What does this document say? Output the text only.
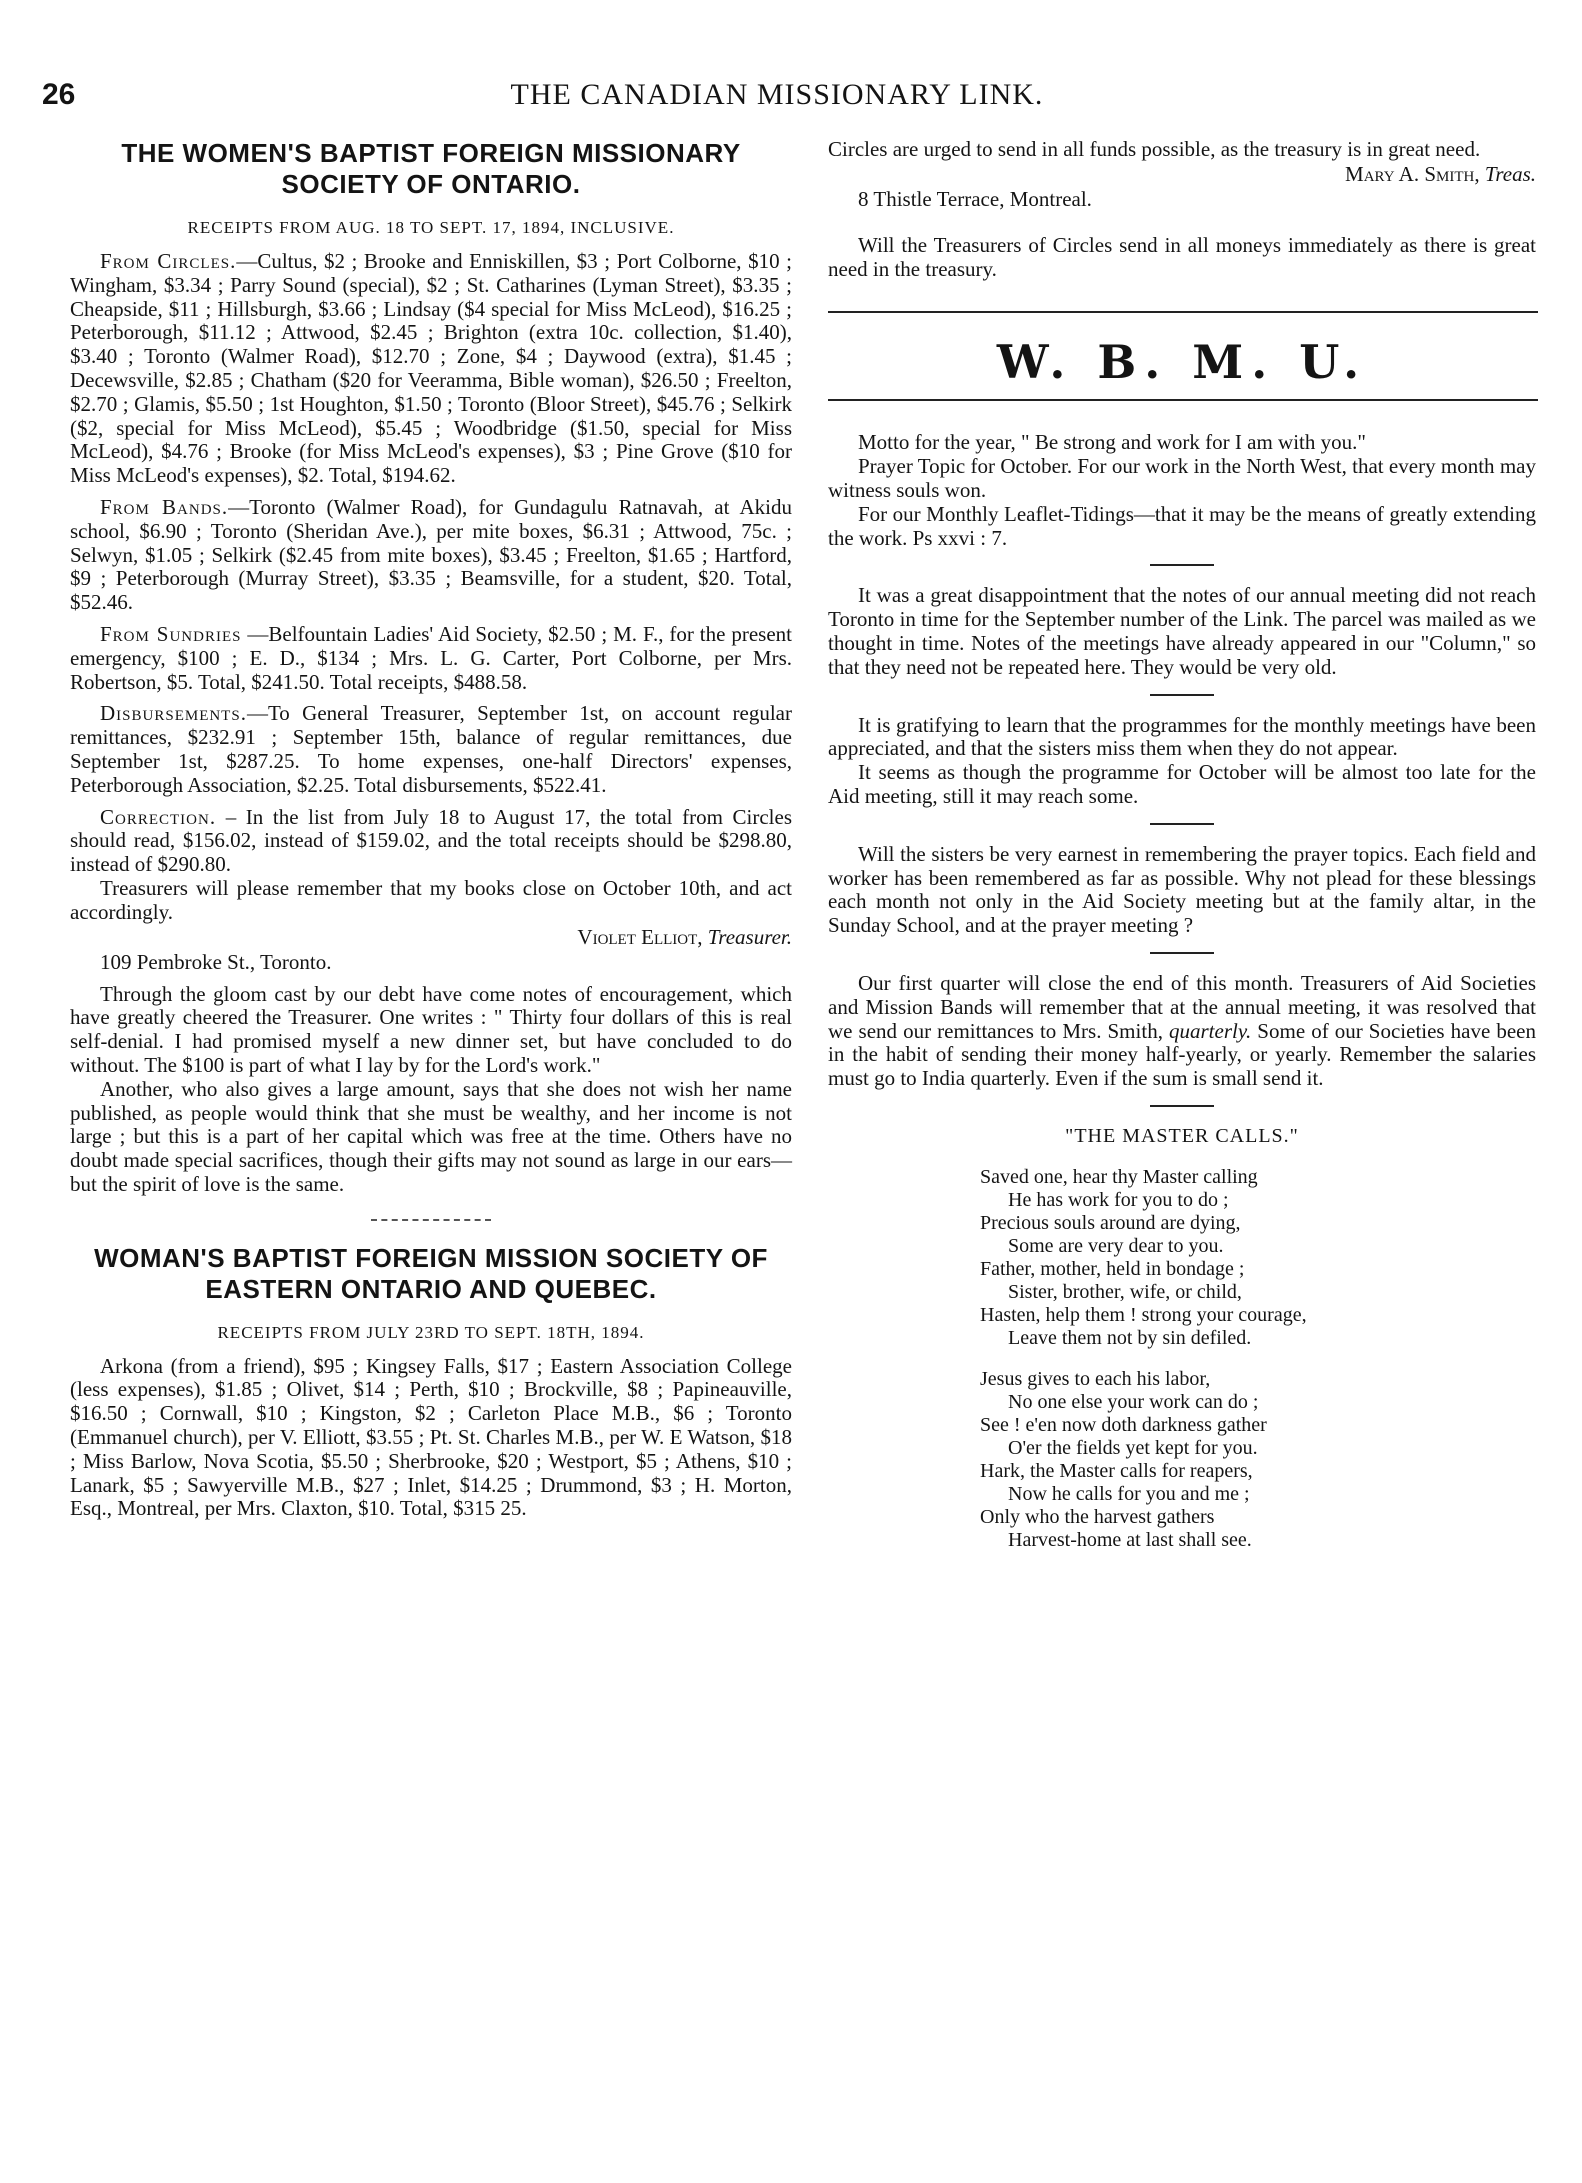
26	THE CANADIAN MISSIONARY LINK.
THE WOMEN'S BAPTIST FOREIGN MISSIONARY SOCIETY OF ONTARIO.
RECEIPTS FROM AUG. 18 TO SEPT. 17, 1894, INCLUSIVE.

From Circles.—Cultus, $2 ; Brooke and Enniskillen, $3 ; Port Colborne, $10 ; Wingham, $3.34 ; Parry Sound (special), $2 ; St. Catharines (Lyman Street), $3.35 ; Cheapside, $11 ; Hillsburgh, $3.66 ; Lindsay ($4 special for Miss McLeod), $16.25 ; Peterborough, $11.12 ; Attwood, $2.45 ; Brighton (extra 10c. collection, $1.40), $3.40 ; Toronto (Walmer Road), $12.70 ; Zone, $4 ; Daywood (extra), $1.45 ; Decewsville, $2.85 ; Chatham ($20 for Veeramma, Bible woman), $26.50 ; Freelton, $2.70 ; Glamis, $5.50 ; 1st Houghton, $1.50 ; Toronto (Bloor Street), $45.76 ; Selkirk ($2, special for Miss McLeod), $5.45 ; Woodbridge ($1.50, special for Miss McLeod), $4.76 ; Brooke (for Miss McLeod's expenses), $3 ; Pine Grove ($10 for Miss McLeod's expenses), $2. Total, $194.62.

From Bands.—Toronto (Walmer Road), for Gundagulu Ratnavah, at Akidu school, $6.90 ; Toronto (Sheridan Ave.), per mite boxes, $6.31 ; Attwood, 75c. ; Selwyn, $1.05 ; Selkirk ($2.45 from mite boxes), $3.45 ; Freelton, $1.65 ; Hartford, $9 ; Peterborough (Murray Street), $3.35 ; Beamsville, for a student, $20. Total, $52.46.

From Sundries —Belfountain Ladies' Aid Society, $2.50 ; M. F., for the present emergency, $100 ; E. D., $134 ; Mrs. L. G. Carter, Port Colborne, per Mrs. Robertson, $5. Total, $241.50. Total receipts, $488.58.

Disbursements.—To General Treasurer, September 1st, on account regular remittances, $232.91 ; September 15th, balance of regular remittances, due September 1st, $287.25. To home expenses, one-half Directors' expenses, Peterborough Association, $2.25. Total disbursements, $522.41.

Correction. – In the list from July 18 to August 17, the total from Circles should read, $156.02, instead of $159.02, and the total receipts should be $298.80, instead of $290.80.

Treasurers will please remember that my books close on October 10th, and act accordingly.

Violet Elliot, Treasurer.

109 Pembroke St., Toronto.

Through the gloom cast by our debt have come notes of encouragement, which have greatly cheered the Treasurer. One writes : " Thirty four dollars of this is real self-denial. I had promised myself a new dinner set, but have concluded to do without. The $100 is part of what I lay by for the Lord's work."

Another, who also gives a large amount, says that she does not wish her name published, as people would think that she must be wealthy, and her income is not large ; but this is a part of her capital which was free at the time. Others have no doubt made special sacrifices, though their gifts may not sound as large in our ears—but the spirit of love is the same.

WOMAN'S BAPTIST FOREIGN MISSION SOCIETY OF EASTERN ONTARIO AND QUEBEC.
RECEIPTS FROM JULY 23RD TO SEPT. 18TH, 1894.

Arkona (from a friend), $95 ; Kingsey Falls, $17 ; Eastern Association College (less expenses), $1.85 ; Olivet, $14 ; Perth, $10 ; Brockville, $8 ; Papineauville, $16.50 ; Cornwall, $10 ; Kingston, $2 ; Carleton Place M.B., $6 ; Toronto (Emmanuel church), per V. Elliott, $3.55 ; Pt. St. Charles M.B., per W. E Watson, $18 ; Miss Barlow, Nova Scotia, $5.50 ; Sherbrooke, $20 ; Westport, $5 ; Athens, $10 ; Lanark, $5 ; Sawyerville M.B., $27 ; Inlet, $14.25 ; Drummond, $3 ; H. Morton, Esq., Montreal, per Mrs. Claxton, $10. Total, $315 25.

Circles are urged to send in all funds possible, as the treasury is in great need.

Mary A. Smith, Treas.

8 Thistle Terrace, Montreal.

Will the Treasurers of Circles send in all moneys immediately as there is great need in the treasury.

W. B. M. U.

Motto for the year, " Be strong and work for I am with you."

Prayer Topic for October. For our work in the North West, that every month may witness souls won.

For our Monthly Leaflet-Tidings—that it may be the means of greatly extending the work. Ps xxvi : 7.

It was a great disappointment that the notes of our annual meeting did not reach Toronto in time for the September number of the Link. The parcel was mailed as we thought in time. Notes of the meetings have already appeared in our "Column," so that they need not be repeated here. They would be very old.

It is gratifying to learn that the programmes for the monthly meetings have been appreciated, and that the sisters miss them when they do not appear.

It seems as though the programme for October will be almost too late for the Aid meeting, still it may reach some.

Will the sisters be very earnest in remembering the prayer topics. Each field and worker has been remembered as far as possible. Why not plead for these blessings each month not only in the Aid Society meeting but at the family altar, in the Sunday School, and at the prayer meeting ?

Our first quarter will close the end of this month. Treasurers of Aid Societies and Mission Bands will remember that at the annual meeting, it was resolved that we send our remittances to Mrs. Smith, quarterly. Some of our Societies have been in the habit of sending their money half-yearly, or yearly. Remember the salaries must go to India quarterly. Even if the sum is small send it.

"THE MASTER CALLS."

Saved one, hear thy Master calling

He has work for you to do ;

Precious souls around are dying,

Some are very dear to you.

Father, mother, held in bondage ;

Sister, brother, wife, or child,

Hasten, help them ! strong your courage,

Leave them not by sin defiled.

Jesus gives to each his labor,

No one else your work can do ;

See ! e'en now doth darkness gather

O'er the fields yet kept for you.

Hark, the Master calls for reapers,

Now he calls for you and me ;

Only who the harvest gathers

Harvest-home at last shall see.
